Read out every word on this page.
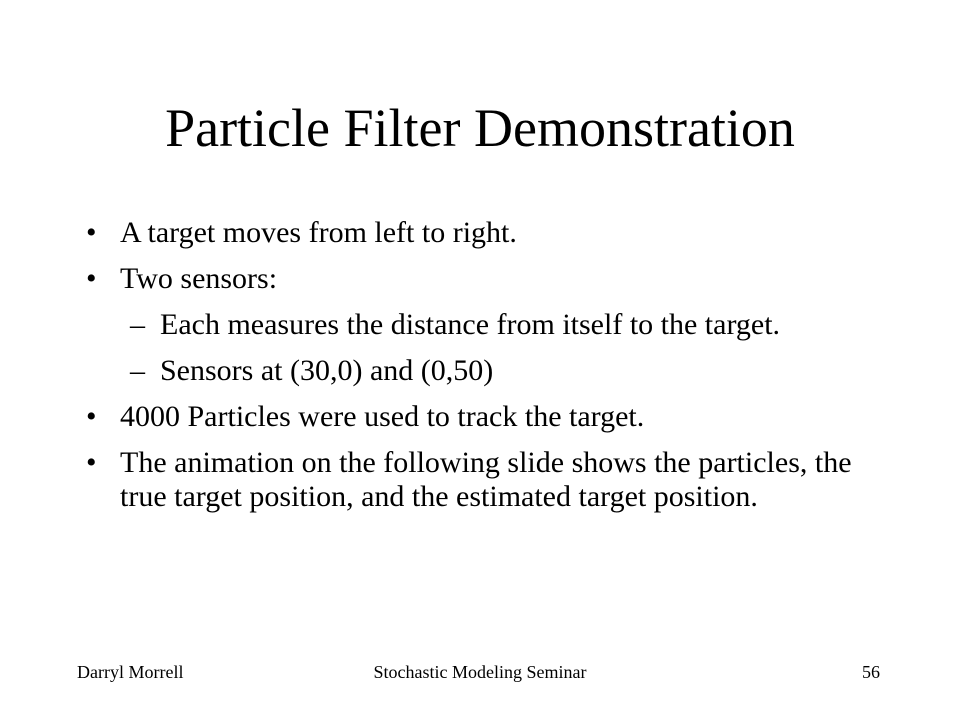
Particle Filter Demonstration
• A target moves from left to right.
• Two sensors:
– Each measures the distance from itself to the target.
– Sensors at (30,0) and (0,50)
• 4000 Particles were used to track the target.
• The animation on the following slide shows the particles, the true target position, and the estimated target position.
Darryl Morrell	Stochastic Modeling Seminar	56
